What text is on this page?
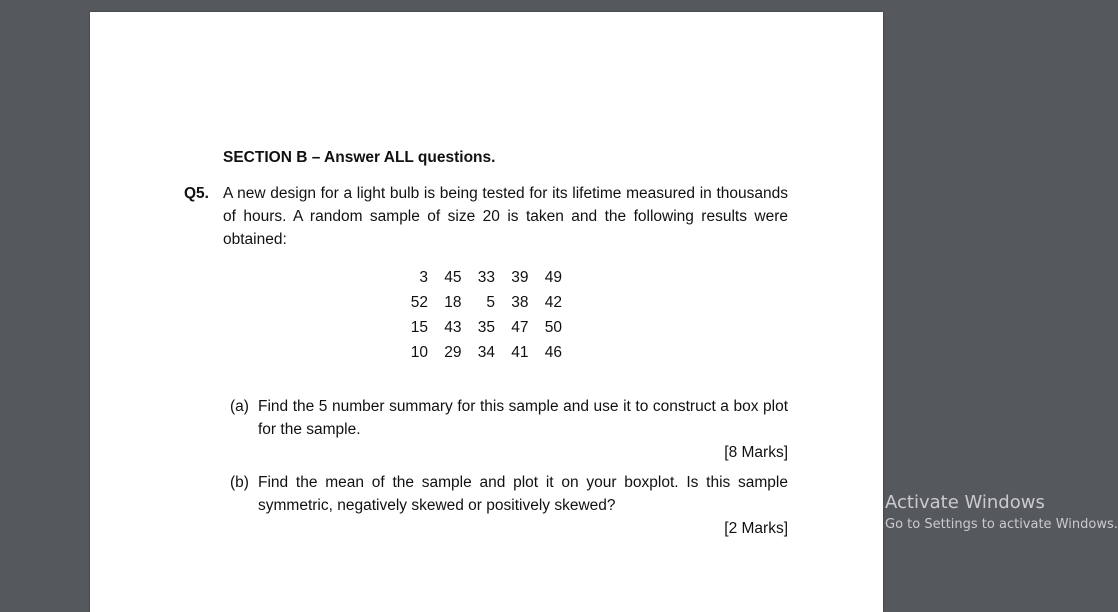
SECTION B – Answer ALL questions.
Q5. A new design for a light bulb is being tested for its lifetime measured in thousands of hours. A random sample of size 20 is taken and the following results were obtained:
3	45	33	39	49
52	18	5	38	42
15	43	35	47	50
10	29	34	41	46
(a) Find the 5 number summary for this sample and use it to construct a box plot for the sample.
[8 Marks]
(b) Find the mean of the sample and plot it on your boxplot. Is this sample symmetric, negatively skewed or positively skewed?
[2 Marks]
Activate Windows
Go to Settings to activate Windows.
